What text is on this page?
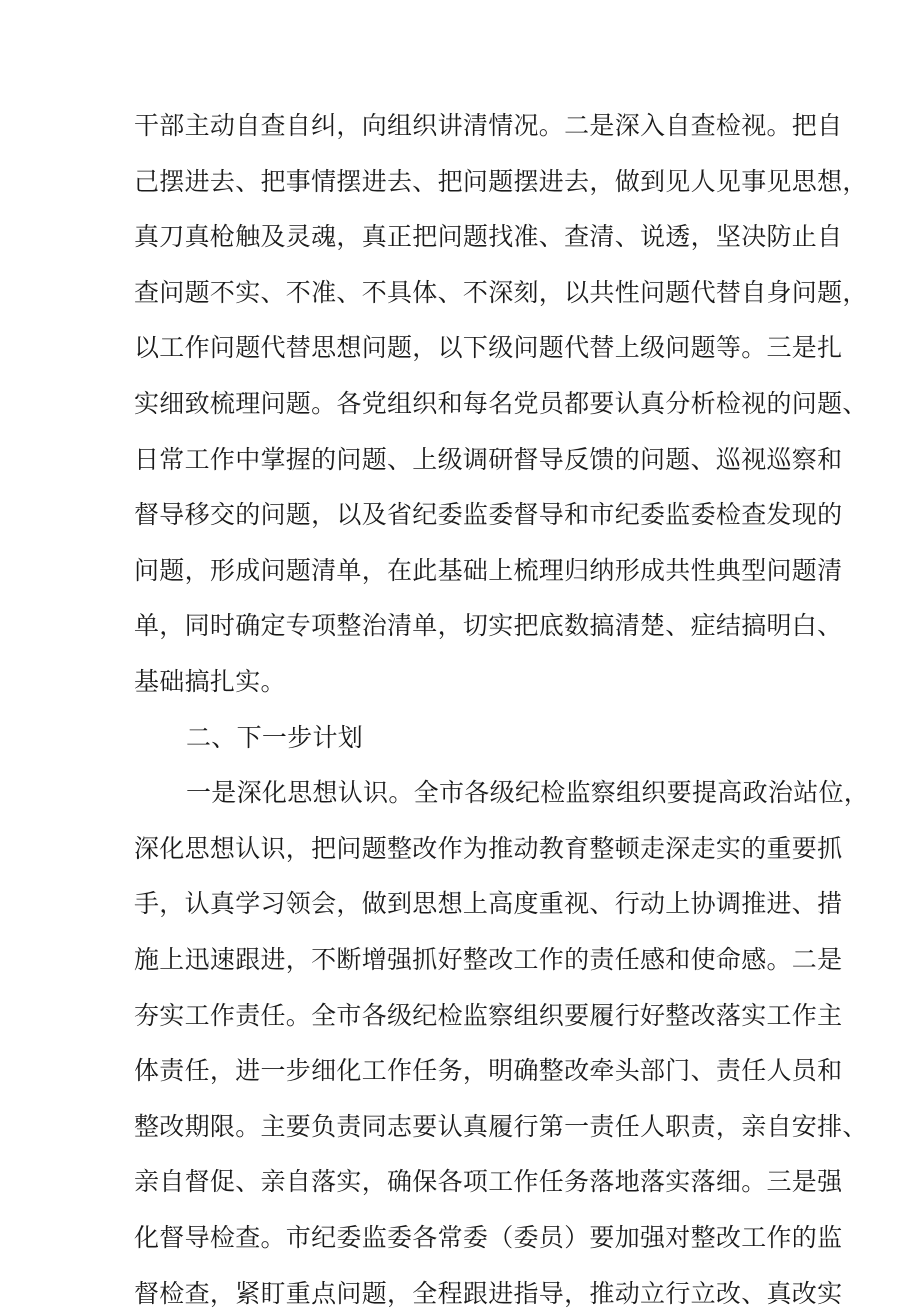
干部主动自查自纠，向组织讲清情况。二是深入自查检视。把自
己摆进去、把事情摆进去、把问题摆进去，做到见人见事见思想，
真刀真枪触及灵魂，真正把问题找准、查清、说透，坚决防止自
查问题不实、不准、不具体、不深刻，以共性问题代替自身问题，
以工作问题代替思想问题，以下级问题代替上级问题等。三是扎
实细致梳理问题。各党组织和每名党员都要认真分析检视的问题、
日常工作中掌握的问题、上级调研督导反馈的问题、巡视巡察和
督导移交的问题，以及省纪委监委督导和市纪委监委检查发现的
问题，形成问题清单，在此基础上梳理归纳形成共性典型问题清
单，同时确定专项整治清单，切实把底数搞清楚、症结搞明白、
基础搞扎实。
二、下一步计划
一是深化思想认识。全市各级纪检监察组织要提高政治站位，
深化思想认识，把问题整改作为推动教育整顿走深走实的重要抓
手，认真学习领会，做到思想上高度重视、行动上协调推进、措
施上迅速跟进，不断增强抓好整改工作的责任感和使命感。二是
夯实工作责任。全市各级纪检监察组织要履行好整改落实工作主
体责任，进一步细化工作任务，明确整改牵头部门、责任人员和
整改期限。主要负责同志要认真履行第一责任人职责，亲自安排、
亲自督促、亲自落实，确保各项工作任务落地落实落细。三是强
化督导检查。市纪委监委各常委（委员）要加强对整改工作的监
督检查，紧盯重点问题，全程跟进指导，推动立行立改、真改实
